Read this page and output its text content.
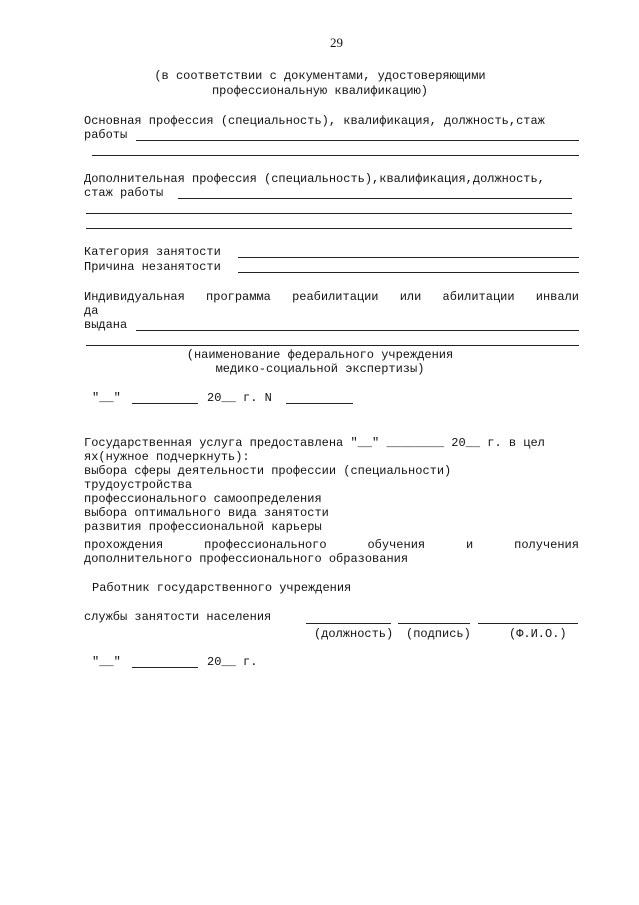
29
(в соответствии с документами, удостоверяющими
профессиональную квалификацию)
Основная профессия (специальность), квалификация, должность,стаж
работы
Дополнительная профессия (специальность),квалификация,должность,
стаж работы
Категория занятости
Причина незанятости
Индивидуальная программа реабилитации или абилитации инвали
да
выдана
(наименование федерального учреждения
медико-социальной экспертизы)
"__"	20__ г. N
Государственная услуга предоставлена "__" ________ 20__ г. в цел
ях(нужное подчеркнуть):
выбора сферы деятельности профессии (специальности)
трудоустройства
профессионального самоопределения
выбора оптимального вида занятости
развития профессиональной карьеры
прохождения	профессионального	обучения	и	получения
дополнительного профессионального образования
Работник государственного учреждения
службы занятости населения
(должность) (подпись)	(Ф.И.О.)
"__"	20__ г.
